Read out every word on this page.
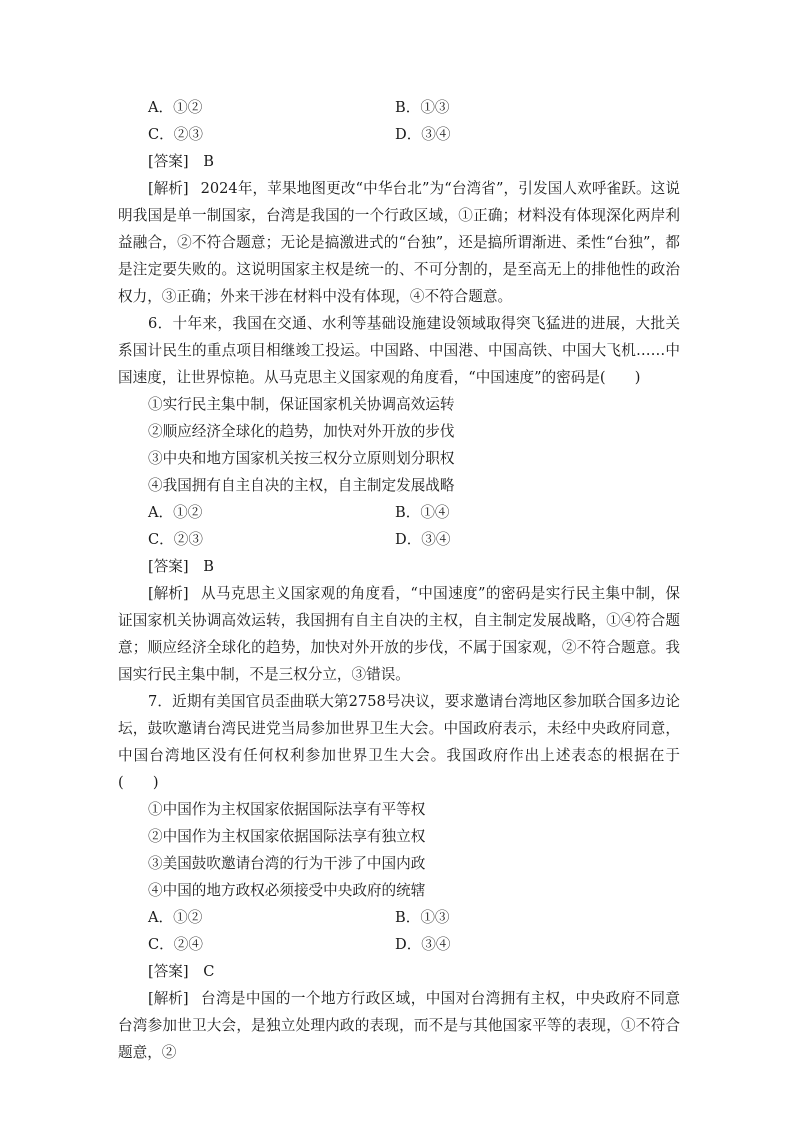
A．①②	B．①③
C．②③	D．③④
[答案] B
[解析] 2024年，苹果地图更改“中华台北”为“台湾省”，引发国人欢呼雀跃。这说明我国是单一制国家，台湾是我国的一个行政区域，①正确；材料没有体现深化两岸利益融合，②不符合题意；无论是搞激进式的“台独”，还是搞所谓渐进、柔性“台独”，都是注定要失败的。这说明国家主权是统一的、不可分割的，是至高无上的排他性的政治权力，③正确；外来干涉在材料中没有体现，④不符合题意。
6．十年来，我国在交通、水利等基础设施建设领域取得突飞猛进的进展，大批关系国计民生的重点项目相继竣工投运。中国路、中国港、中国高铁、中国大飞机……中国速度，让世界惊艳。从马克思主义国家观的角度看，“中国速度”的密码是(　　)
①实行民主集中制，保证国家机关协调高效运转
②顺应经济全球化的趋势，加快对外开放的步伐
③中央和地方国家机关按三权分立原则划分职权
④我国拥有自主自决的主权，自主制定发展战略
A．①②	B．①④
C．②③	D．③④
[答案] B
[解析] 从马克思主义国家观的角度看，“中国速度”的密码是实行民主集中制，保证国家机关协调高效运转，我国拥有自主自决的主权，自主制定发展战略，①④符合题意；顺应经济全球化的趋势，加快对外开放的步伐，不属于国家观，②不符合题意。我国实行民主集中制，不是三权分立，③错误。
7．近期有美国官员歪曲联大第2758号决议，要求邀请台湾地区参加联合国多边论坛，鼓吹邀请台湾民进党当局参加世界卫生大会。中国政府表示，未经中央政府同意，中国台湾地区没有任何权利参加世界卫生大会。我国政府作出上述表态的根据在于(　　)
①中国作为主权国家依据国际法享有平等权
②中国作为主权国家依据国际法享有独立权
③美国鼓吹邀请台湾的行为干涉了中国内政
④中国的地方政权必须接受中央政府的统辖
A．①②	B．①③
C．②④	D．③④
[答案] C
[解析] 台湾是中国的一个地方行政区域，中国对台湾拥有主权，中央政府不同意台湾参加世卫大会，是独立处理内政的表现，而不是与其他国家平等的表现，①不符合题意，②
